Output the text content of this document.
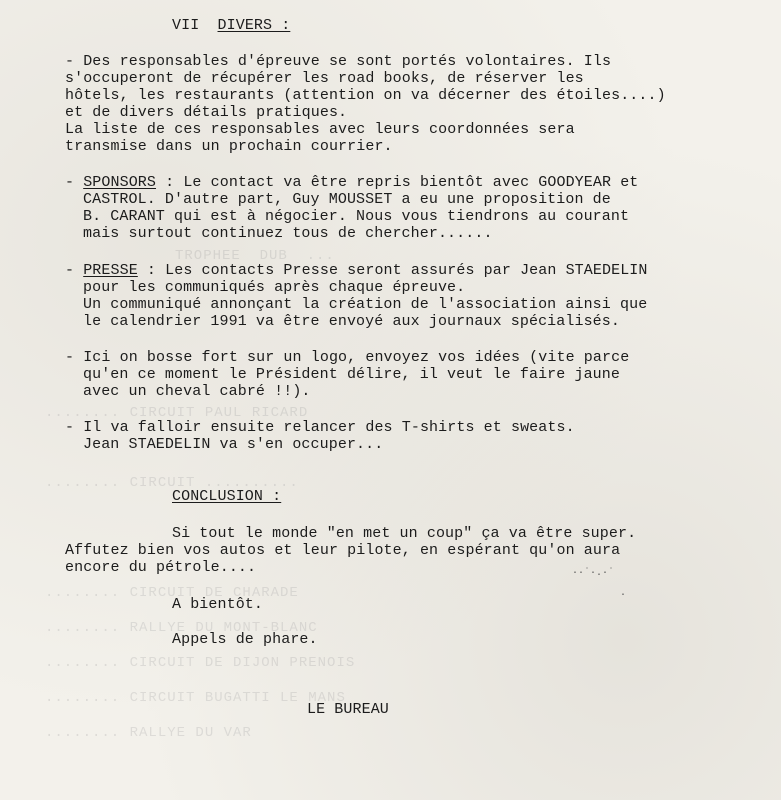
TROPHEE  DUB  ...
........ CIRCUIT PAUL RICARD
........ CIRCUIT ..........
........ CIRCUIT DE CHARADE
........ RALLYE DU MONT-BLANC
........ CIRCUIT DE DIJON PRENOIS
........ CIRCUIT BUGATTI LE MANS
........ RALLYE DU VAR
··˙·.·˙
·
VII DIVERS :
- Des responsables d'épreuve se sont portés volontaires. Ils
s'occuperont de récupérer les road books, de réserver les
hôtels, les restaurants (attention on va décerner des étoiles....)
et de divers détails pratiques.
La liste de ces responsables avec leurs coordonnées sera
transmise dans un prochain courrier.
- SPONSORS : Le contact va être repris bientôt avec GOODYEAR et
CASTROL. D'autre part, Guy MOUSSET a eu une proposition de
B. CARANT qui est à négocier. Nous vous tiendrons au courant
mais surtout continuez tous de chercher......
- PRESSE : Les contacts Presse seront assurés par Jean STAEDELIN
pour les communiqués après chaque épreuve.
Un communiqué annonçant la création de l'association ainsi que
le calendrier 1991 va être envoyé aux journaux spécialisés.
- Ici on bosse fort sur un logo, envoyez vos idées (vite parce
qu'en ce moment le Président délire, il veut le faire jaune
avec un cheval cabré !!).
- Il va falloir ensuite relancer des T-shirts et sweats.
Jean STAEDELIN va s'en occuper...
CONCLUSION :
Si tout le monde "en met un coup" ça va être super.
Affutez bien vos autos et leur pilote, en espérant qu'on aura
encore du pétrole....
A bientôt.
Appels de phare.
LE BUREAU
